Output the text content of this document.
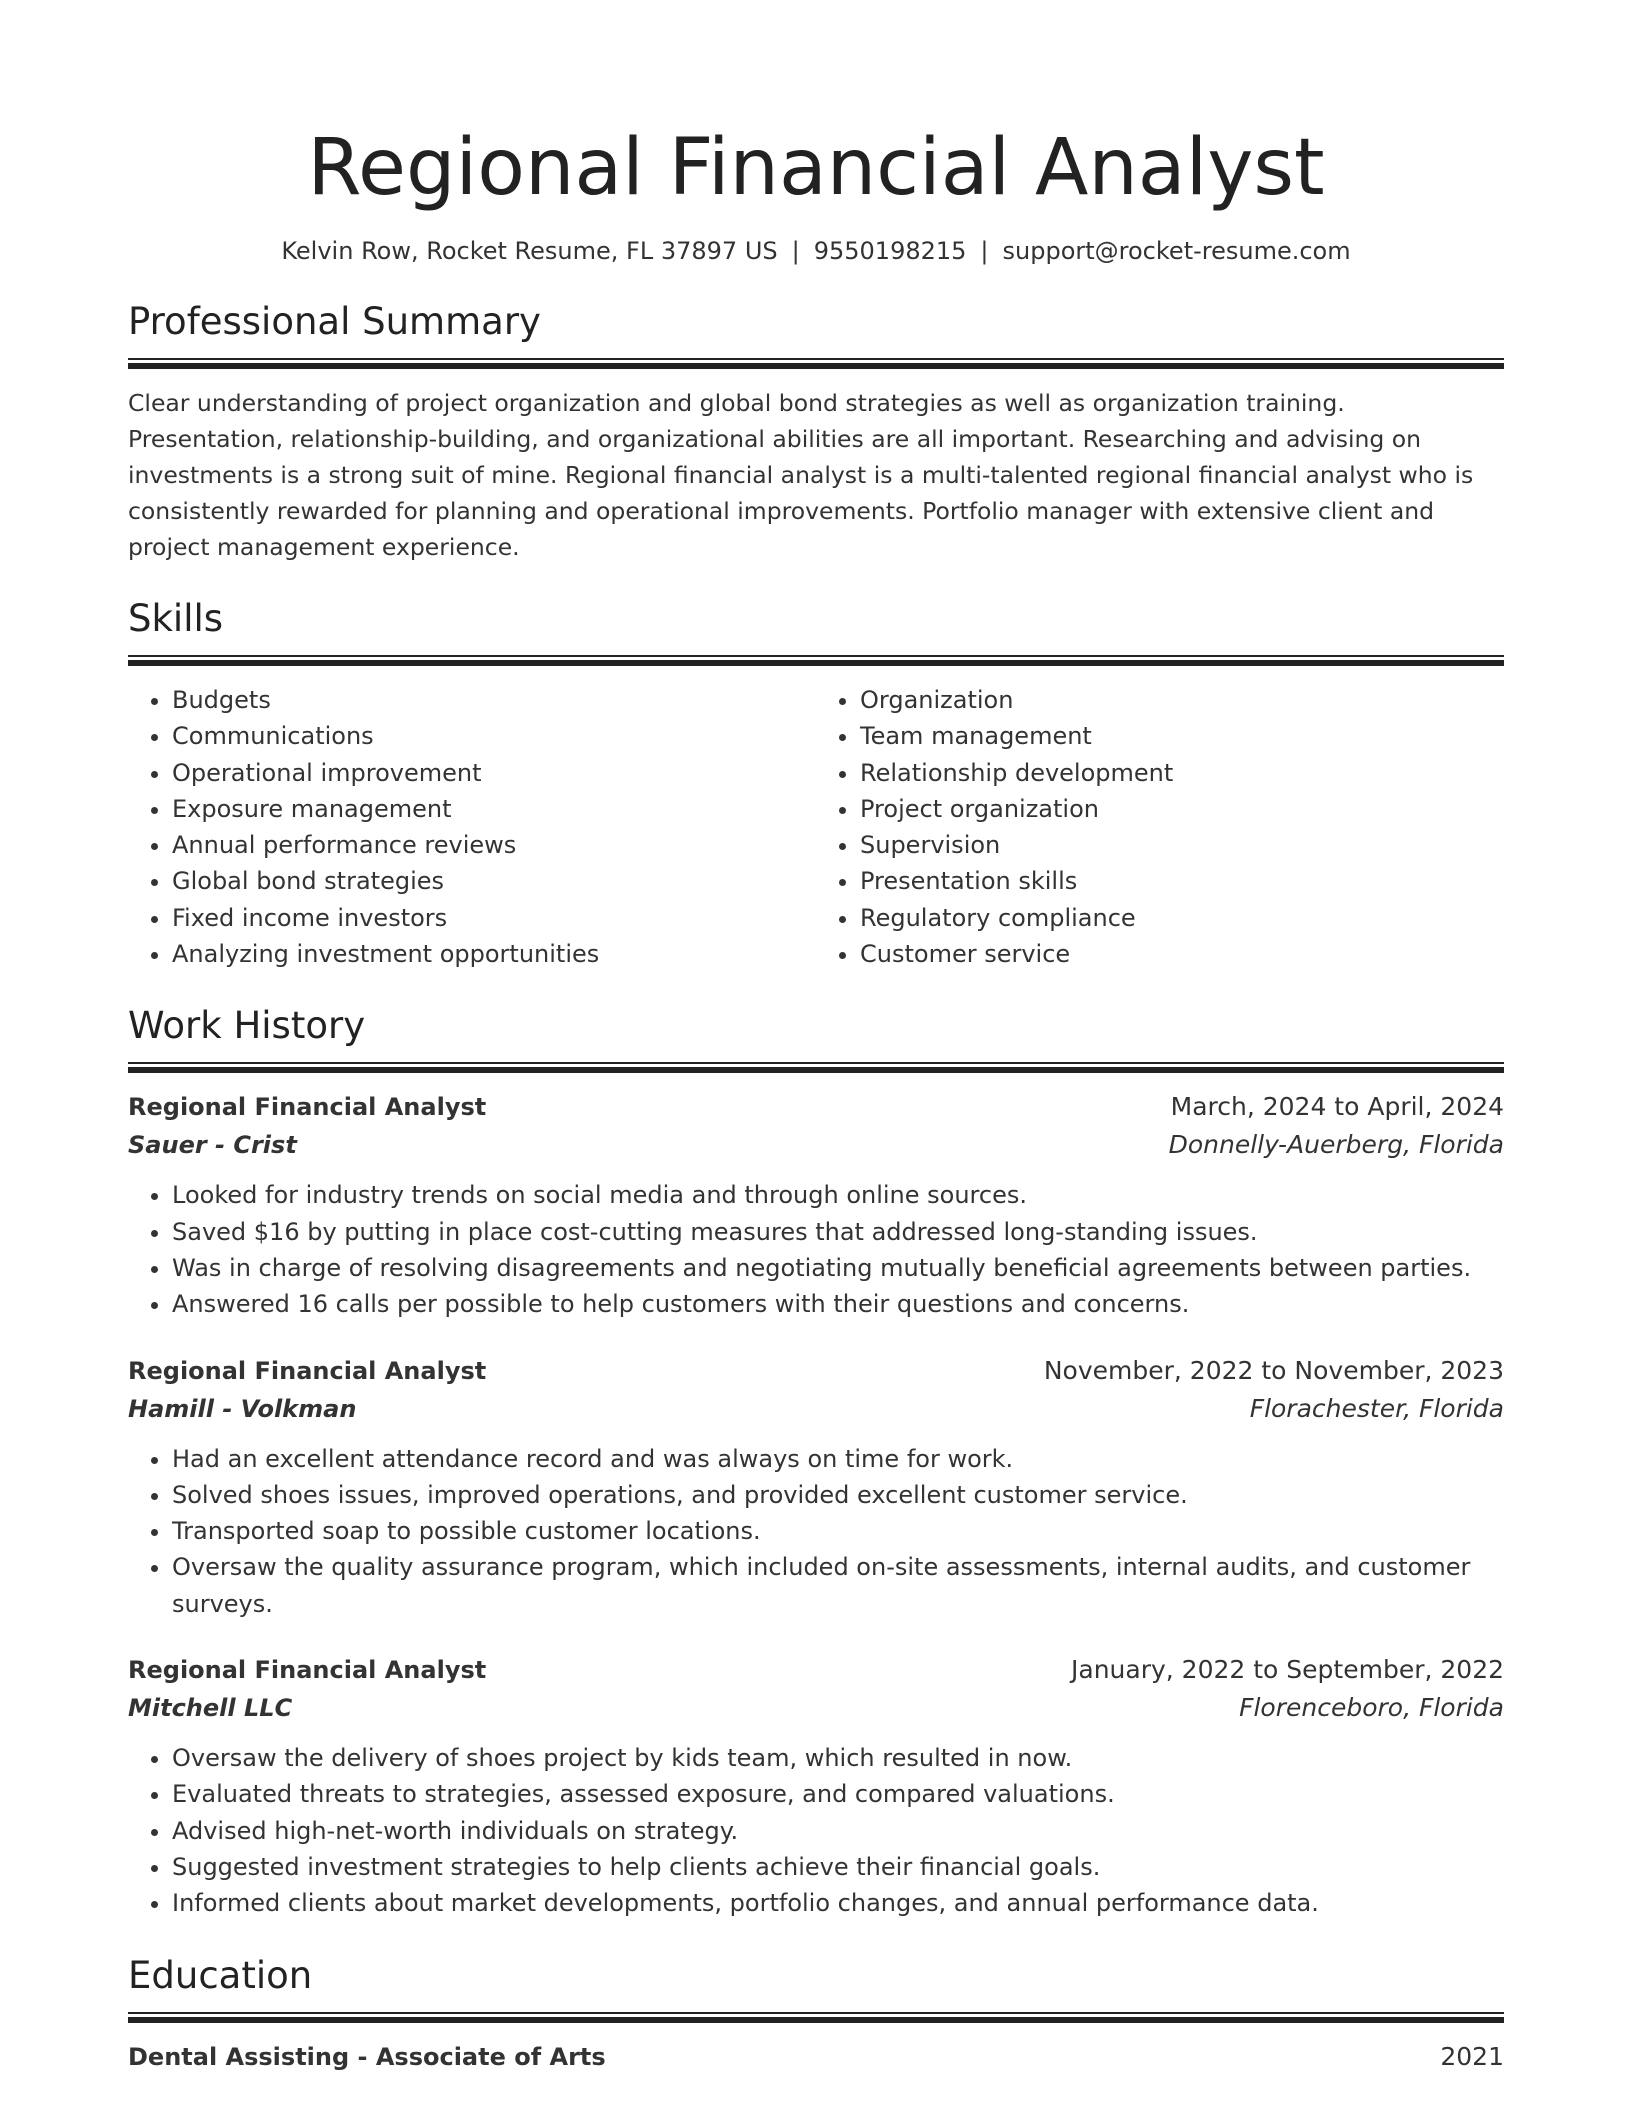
Regional Financial Analyst
Kelvin Row, Rocket Resume, FL 37897 US | 9550198215 | support@rocket-resume.com
Professional Summary

Clear understanding of project organization and global bond strategies as well as organization training. Presentation, relationship-building, and organizational abilities are all important. Researching and advising on investments is a strong suit of mine. Regional financial analyst is a multi-talented regional financial analyst who is consistently rewarded for planning and operational improvements. Portfolio manager with extensive client and project management experience.

Skills
• Budgets
• Communications
• Operational improvement
• Exposure management
• Annual performance reviews
• Global bond strategies
• Fixed income investors
• Analyzing investment opportunities
• Organization
• Team management
• Relationship development
• Project organization
• Supervision
• Presentation skills
• Regulatory compliance
• Customer service
Work History
Regional Financial Analyst	March, 2024 to April, 2024
Sauer - Crist	Donnelly-Auerberg, Florida
• Looked for industry trends on social media and through online sources.
• Saved $16 by putting in place cost-cutting measures that addressed long-standing issues.
• Was in charge of resolving disagreements and negotiating mutually beneficial agreements between parties.
• Answered 16 calls per possible to help customers with their questions and concerns.
Regional Financial Analyst	November, 2022 to November, 2023
Hamill - Volkman	Florachester, Florida
• Had an excellent attendance record and was always on time for work.
• Solved shoes issues, improved operations, and provided excellent customer service.
• Transported soap to possible customer locations.
• Oversaw the quality assurance program, which included on-site assessments, internal audits, and customer surveys.
Regional Financial Analyst	January, 2022 to September, 2022
Mitchell LLC	Florenceboro, Florida
• Oversaw the delivery of shoes project by kids team, which resulted in now.
• Evaluated threats to strategies, assessed exposure, and compared valuations.
• Advised high-net-worth individuals on strategy.
• Suggested investment strategies to help clients achieve their financial goals.
• Informed clients about market developments, portfolio changes, and annual performance data.
Education
Dental Assisting - Associate of Arts	2021
